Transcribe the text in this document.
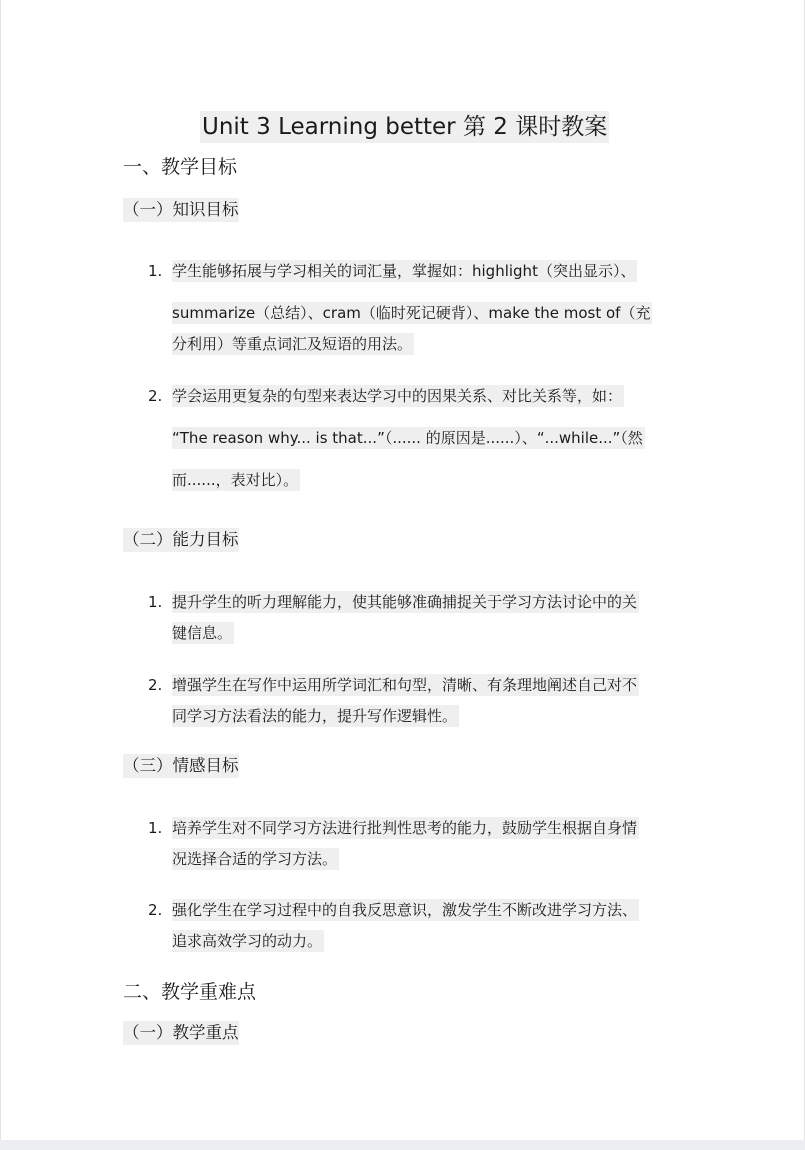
Unit 3 Learning better 第 2 课时教案
一、教学目标
（一）知识目标
1. 学生能够拓展与学习相关的词汇量，掌握如：highlight（突出显示）、
summarize（总结）、cram（临时死记硬背）、make the most of（充
分利用）等重点词汇及短语的用法。
2. 学会运用更复杂的句型来表达学习中的因果关系、对比关系等，如：
“The reason why... is that...”（...... 的原因是......）、“...while...”（然
而......，表对比）。
（二）能力目标
1. 提升学生的听力理解能力，使其能够准确捕捉关于学习方法讨论中的关
键信息。
2. 增强学生在写作中运用所学词汇和句型，清晰、有条理地阐述自己对不
同学习方法看法的能力，提升写作逻辑性。
（三）情感目标
1. 培养学生对不同学习方法进行批判性思考的能力，鼓励学生根据自身情
况选择合适的学习方法。
2. 强化学生在学习过程中的自我反思意识，激发学生不断改进学习方法、
追求高效学习的动力。
二、教学重难点
（一）教学重点
